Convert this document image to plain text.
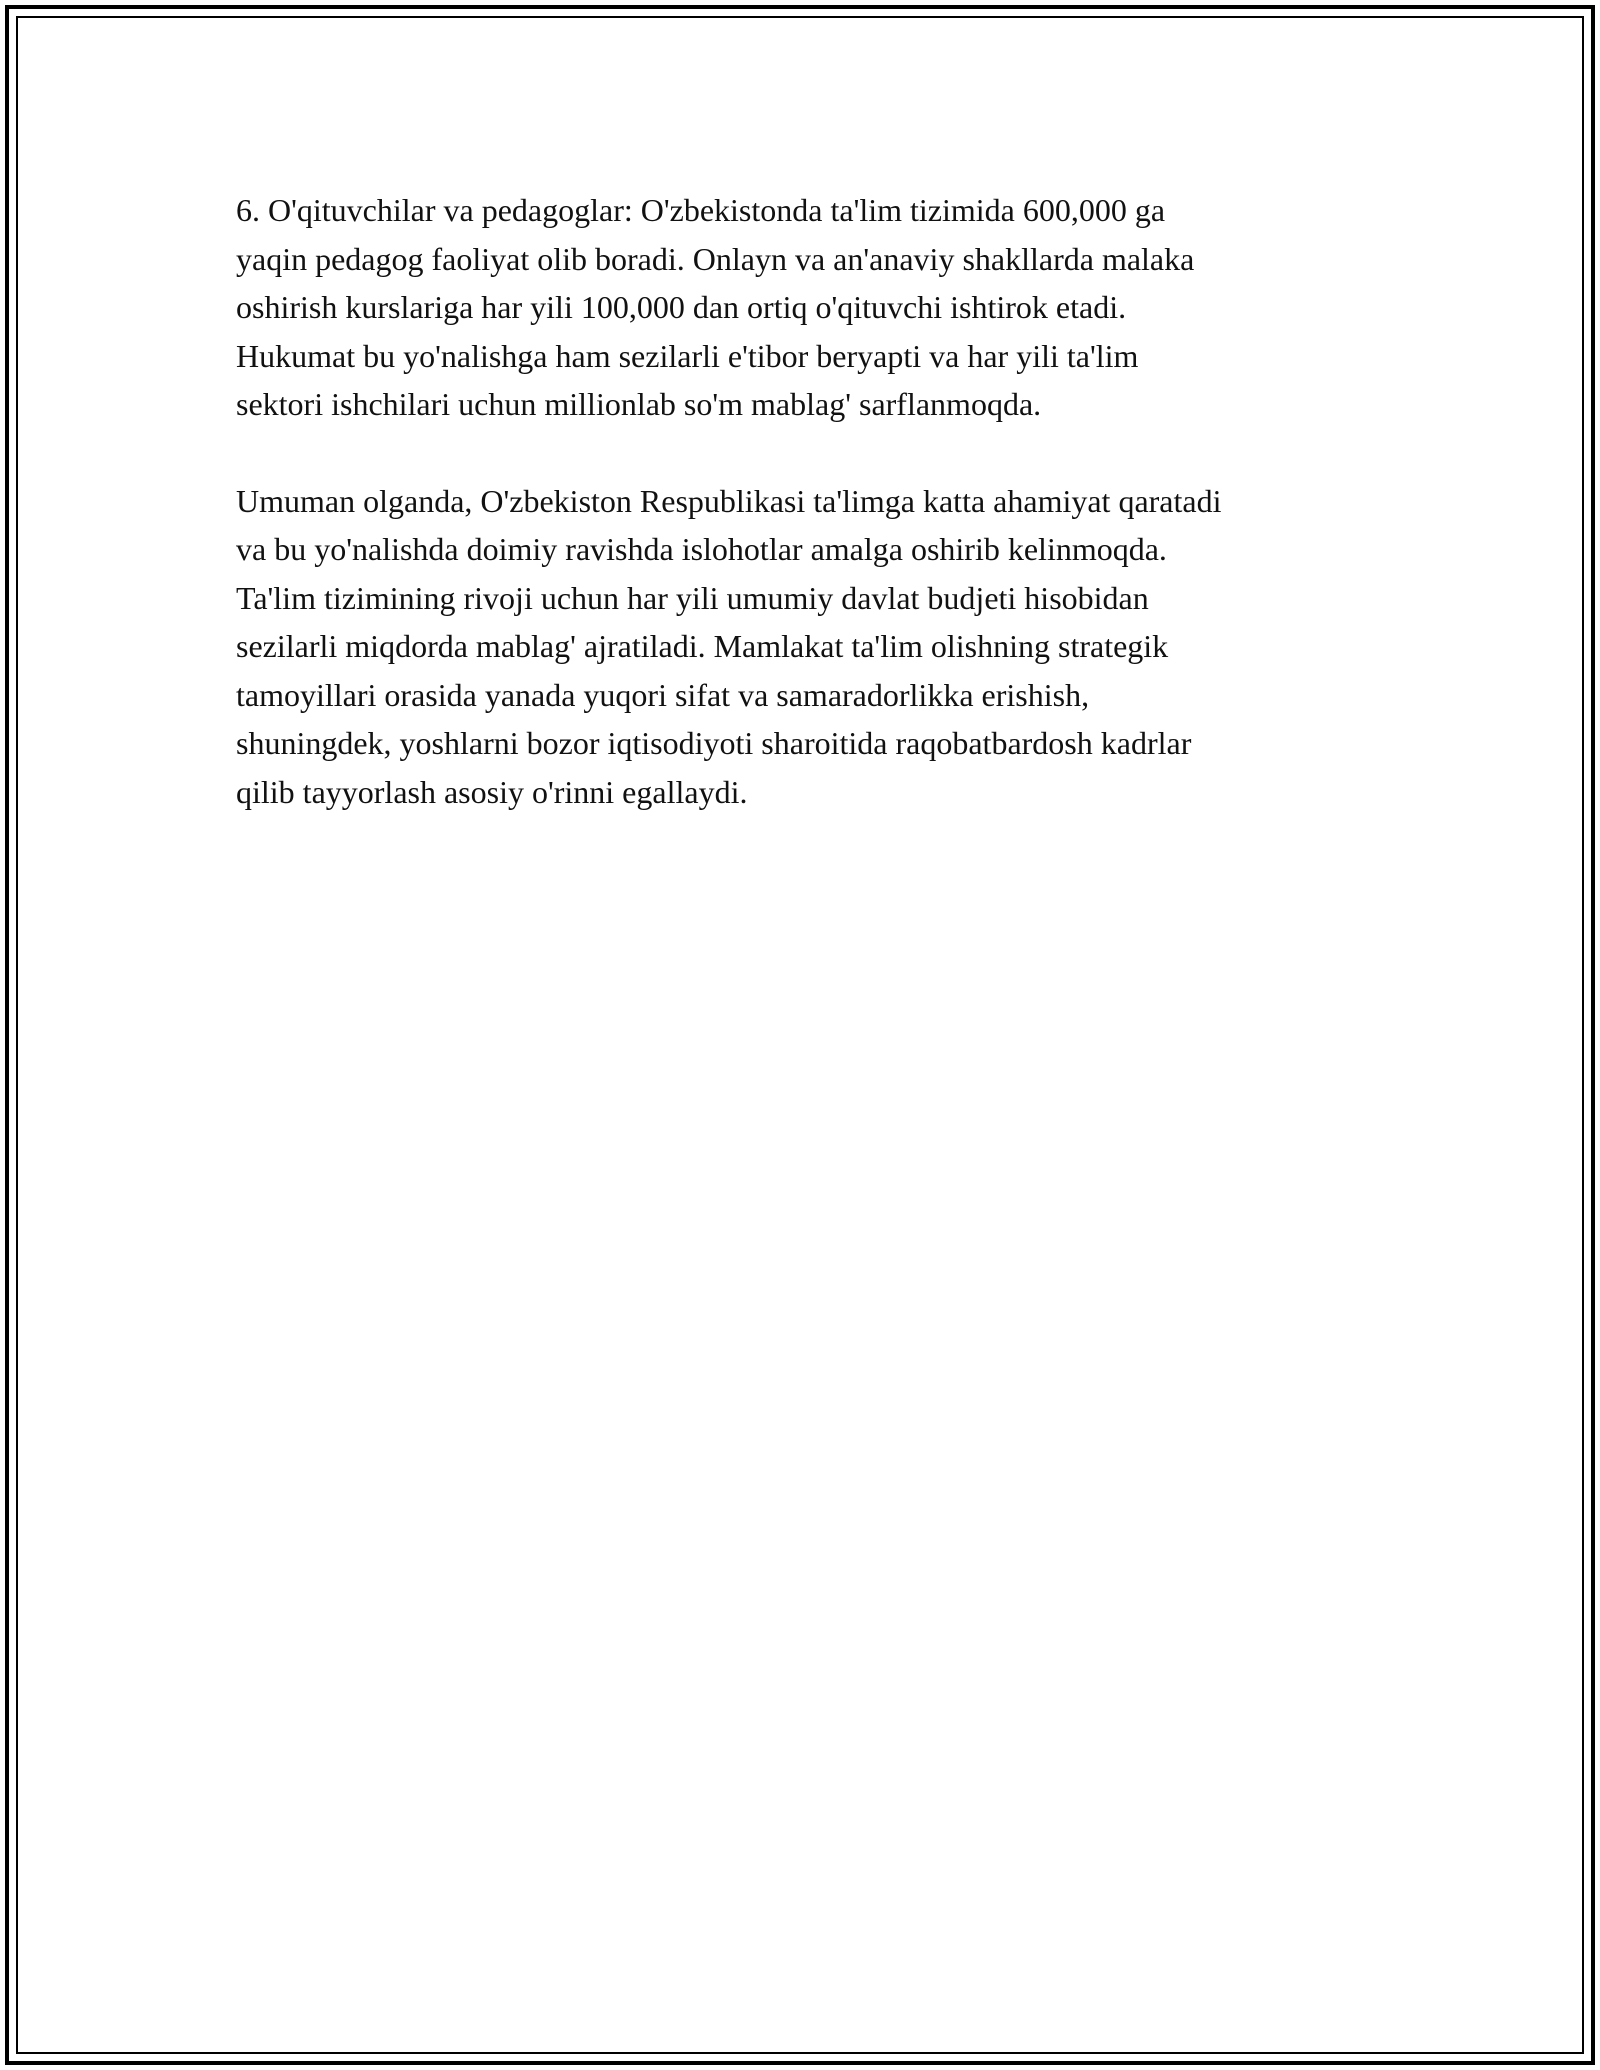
6. O'qituvchilar va pedagoglar: O'zbekistonda ta'lim tizimida 600,000 ga
yaqin pedagog faoliyat olib boradi. Onlayn va an'anaviy shakllarda malaka
oshirish kurslariga har yili 100,000 dan ortiq o'qituvchi ishtirok etadi.
Hukumat bu yo'nalishga ham sezilarli e'tibor beryapti va har yili ta'lim
sektori ishchilari uchun millionlab so'm mablag' sarflanmoqda.

Umuman olganda, O'zbekiston Respublikasi ta'limga katta ahamiyat qaratadi
va bu yo'nalishda doimiy ravishda islohotlar amalga oshirib kelinmoqda.
Ta'lim tizimining rivoji uchun har yili umumiy davlat budjeti hisobidan
sezilarli miqdorda mablag' ajratiladi. Mamlakat ta'lim olishning strategik
tamoyillari orasida yanada yuqori sifat va samaradorlikka erishish,
shuningdek, yoshlarni bozor iqtisodiyoti sharoitida raqobatbardosh kadrlar
qilib tayyorlash asosiy o'rinni egallaydi.
